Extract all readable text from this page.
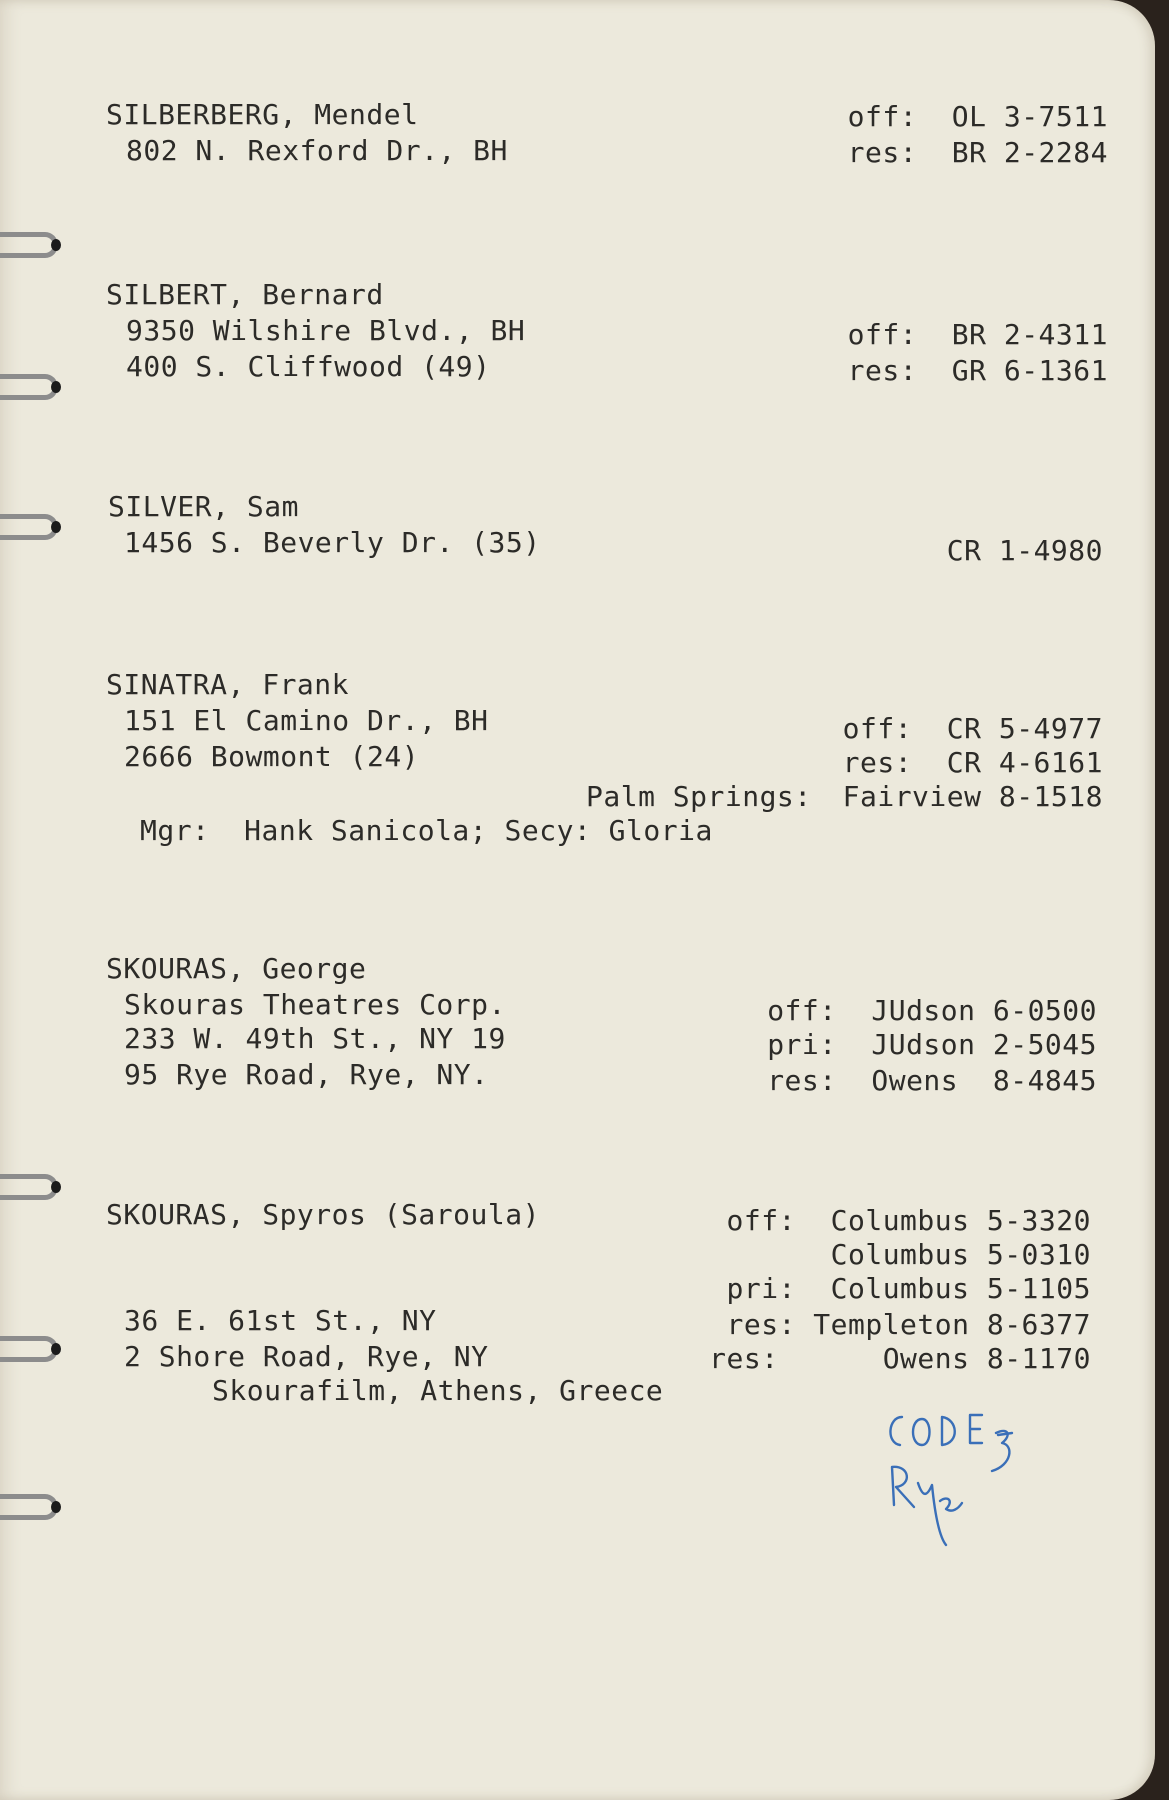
SILBERBERG, Mendel
802 N. Rexford Dr., BH
off:  OL 3-7511
res:  BR 2-2284
SILBERT, Bernard
9350 Wilshire Blvd., BH
400 S. Cliffwood (49)
off:  BR 2-4311
res:  GR 6-1361
SILVER, Sam
1456 S. Beverly Dr. (35)	CR 1-4980
SINATRA, Frank
151 El Camino Dr., BH
2666 Bowmont (24)
off:  CR 5-4977
res:  CR 4-6161
Palm Springs: Fairview 8-1518
Mgr:  Hank Sanicola; Secy: Gloria
SKOURAS, George
Skouras Theatres Corp.
233 W. 49th St., NY 19
95 Rye Road, Rye, NY.
off:  JUdson 6-0500
pri:  JUdson 2-5045
res:  Owens  8-4845
SKOURAS, Spyros (Saroula)
36 E. 61st St., NY
2 Shore Road, Rye, NY
Skourafilm, Athens, Greece
off:  Columbus 5-3320
Columbus 5-0310
pri:  Columbus 5-1105
res: Templeton 8-6377
res:      Owens 8-1170
